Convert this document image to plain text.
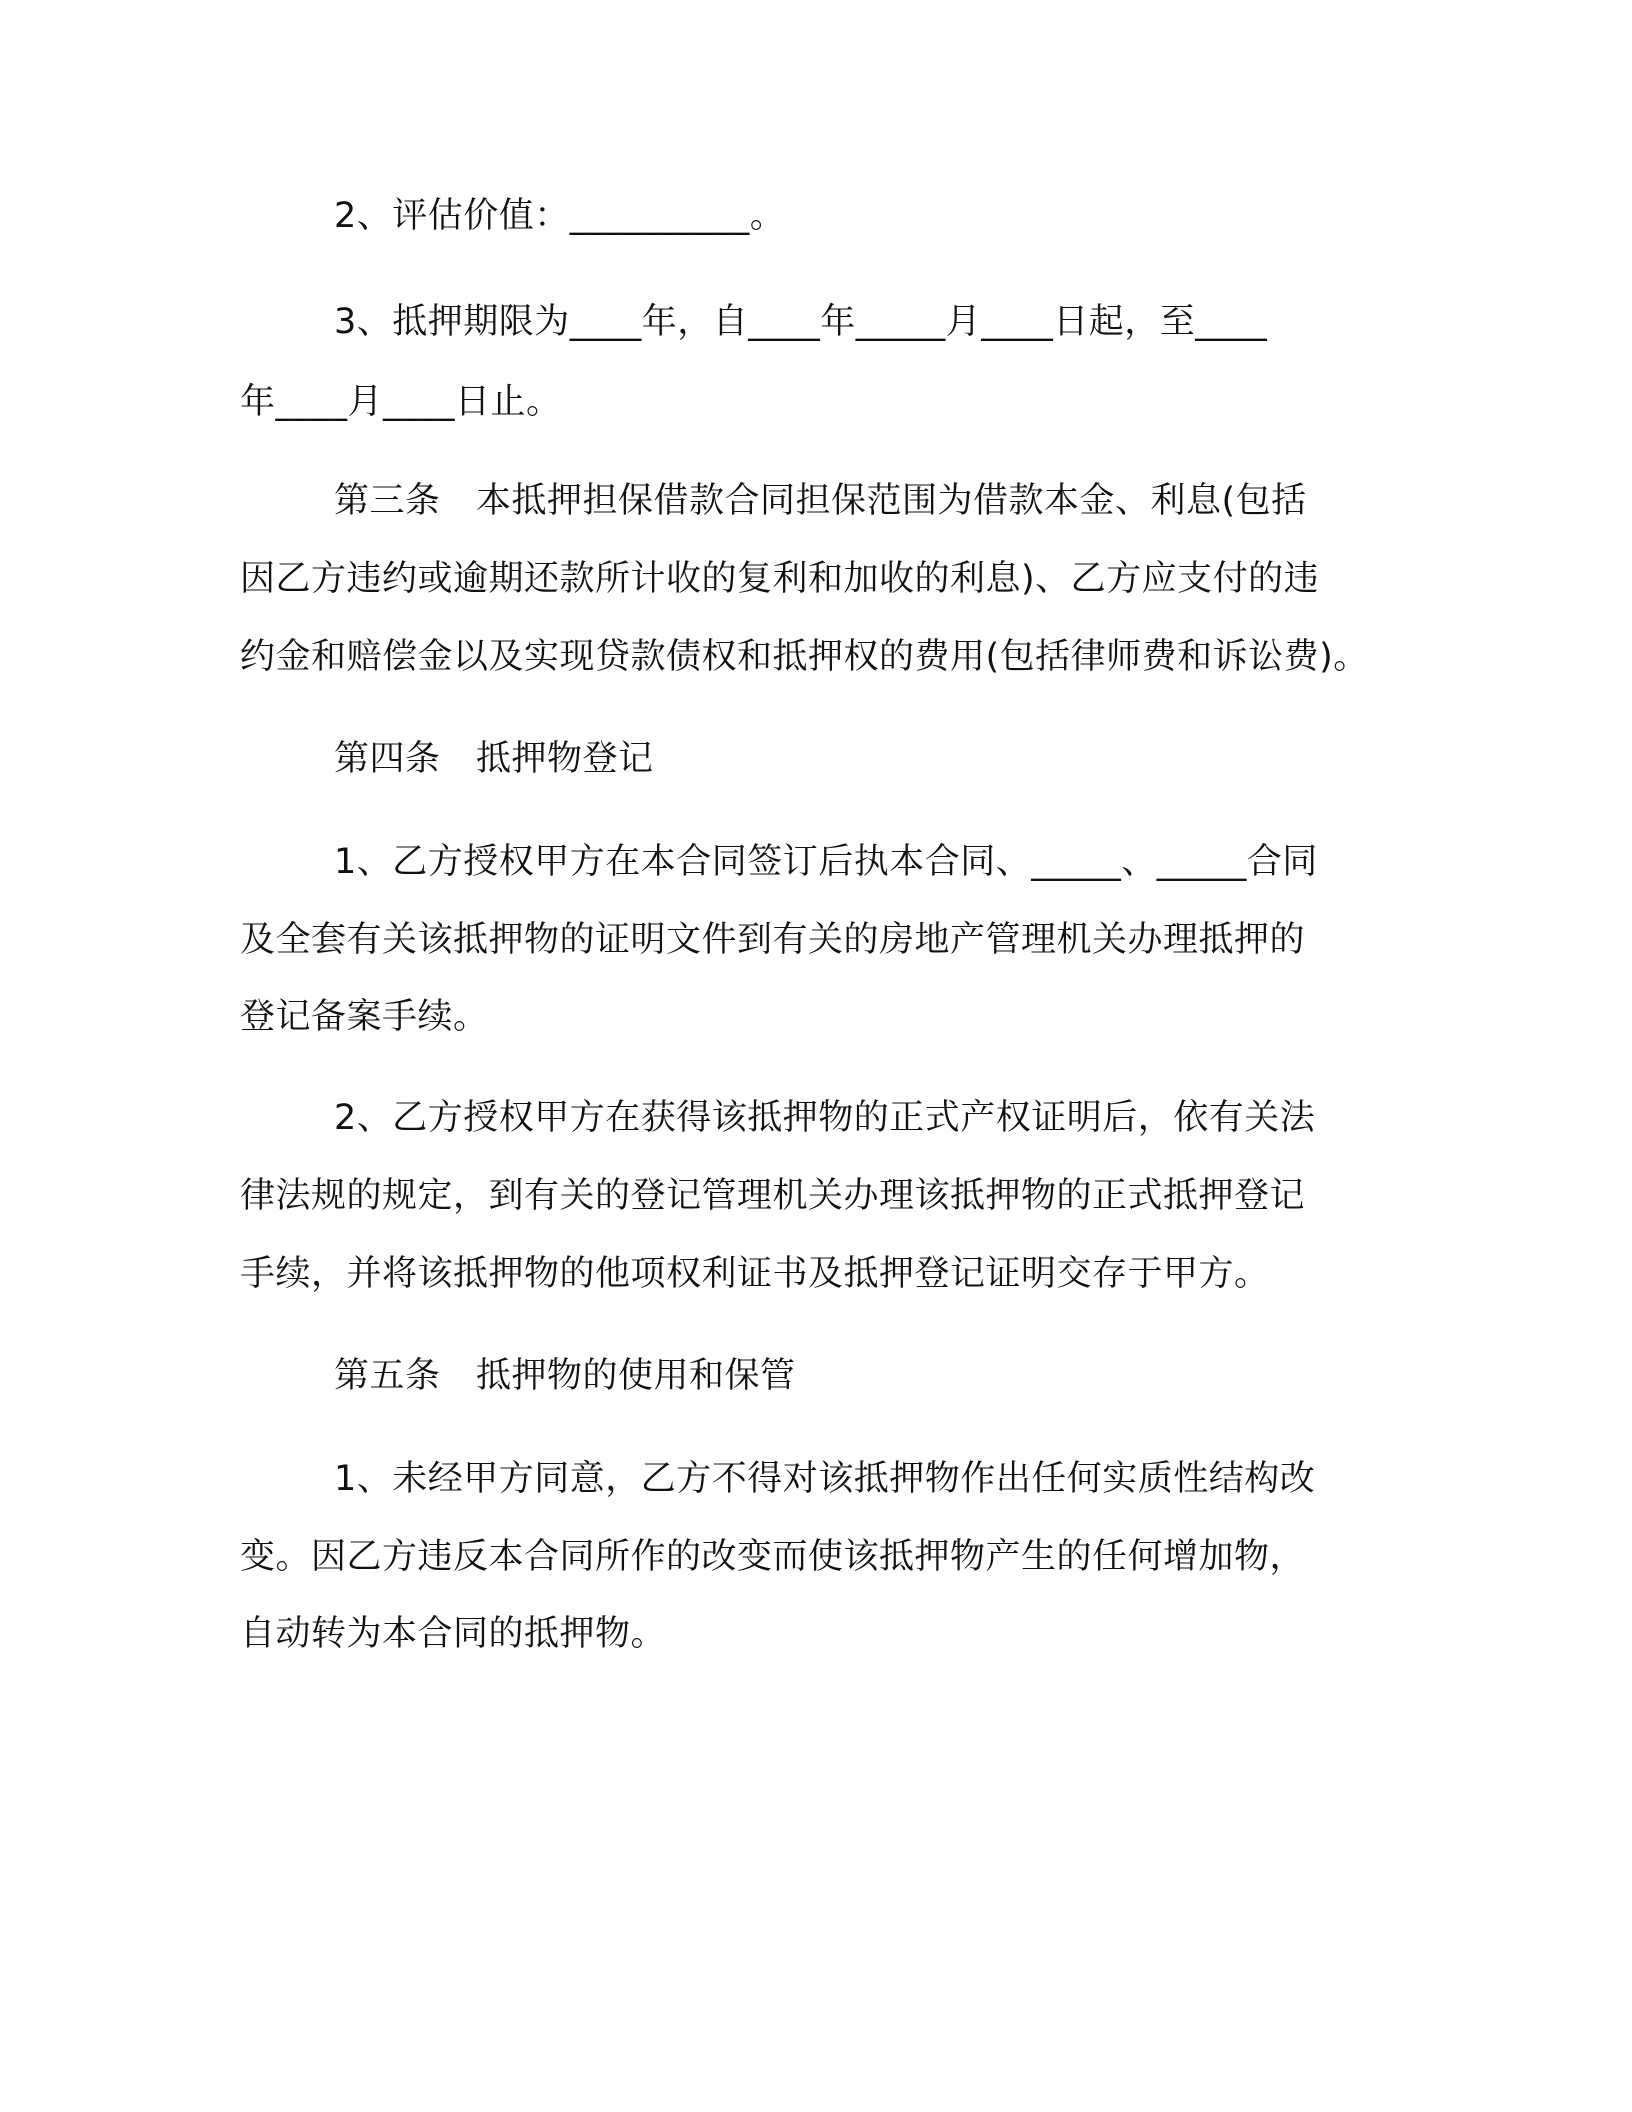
2、评估价值：__________。

3、抵押期限为____年，自____年_____月____日起，至____

年____月____日止。

第三条　本抵押担保借款合同担保范围为借款本金、利息(包括

因乙方违约或逾期还款所计收的复利和加收的利息)、乙方应支付的违

约金和赔偿金以及实现贷款债权和抵押权的费用(包括律师费和诉讼费)。

第四条　抵押物登记

1、乙方授权甲方在本合同签订后执本合同、_____、_____合同

及全套有关该抵押物的证明文件到有关的房地产管理机关办理抵押的

登记备案手续。

2、乙方授权甲方在获得该抵押物的正式产权证明后，依有关法

律法规的规定，到有关的登记管理机关办理该抵押物的正式抵押登记

手续，并将该抵押物的他项权利证书及抵押登记证明交存于甲方。

第五条　抵押物的使用和保管

1、未经甲方同意，乙方不得对该抵押物作出任何实质性结构改

变。因乙方违反本合同所作的改变而使该抵押物产生的任何增加物，

自动转为本合同的抵押物。
